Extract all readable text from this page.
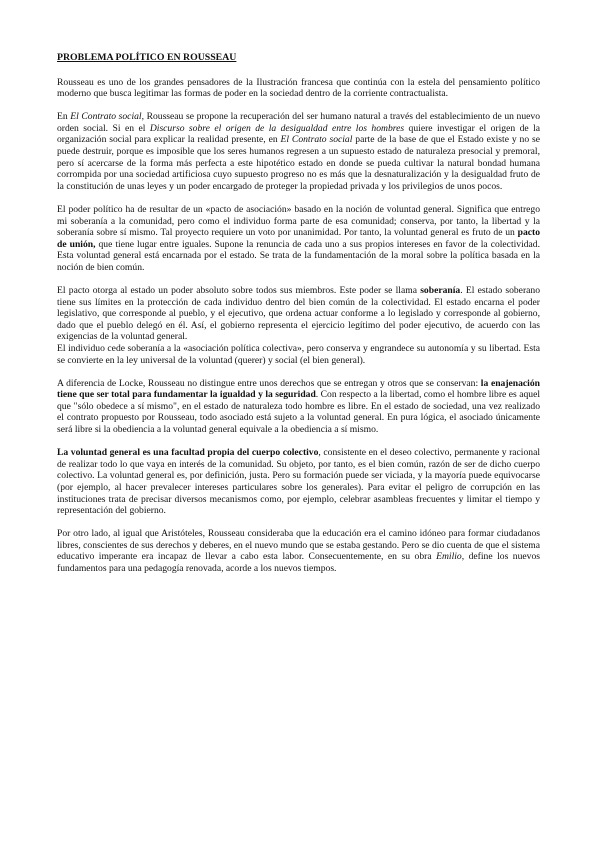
PROBLEMA POLÍTICO EN ROUSSEAU

Rousseau es uno de los grandes pensadores de la Ilustración francesa que continúa con la estela del pensamiento político moderno que busca legitimar las formas de poder en la sociedad dentro de la corriente contractualista.

En El Contrato social, Rousseau se propone la recuperación del ser humano natural a través del establecimiento de un nuevo orden social. Si en el Discurso sobre el origen de la desigualdad entre los hombres quiere investigar el origen de la organización social para explicar la realidad presente, en El Contrato social parte de la base de que el Estado existe y no se puede destruir, porque es imposible que los seres humanos regresen a un supuesto estado de naturaleza presocial y premoral, pero sí acercarse de la forma más perfecta a este hipotético estado en donde se pueda cultivar la natural bondad humana corrompida por una sociedad artificiosa cuyo supuesto progreso no es más que la desnaturalización y la desigualdad fruto de la constitución de unas leyes y un poder encargado de proteger la propiedad privada y los privilegios de unos pocos.

El poder político ha de resultar de un «pacto de asociación» basado en la noción de voluntad general. Significa que entrego mi soberanía a la comunidad, pero como el individuo forma parte de esa comunidad; conserva, por tanto, la libertad y la soberanía sobre sí mismo. Tal proyecto requiere un voto por unanimidad. Por tanto, la voluntad general es fruto de un pacto de unión, que tiene lugar entre iguales. Supone la renuncia de cada uno a sus propios intereses en favor de la colectividad. Esta voluntad general está encarnada por el estado. Se trata de la fundamentación de la moral sobre la política basada en la noción de bien común.

El pacto otorga al estado un poder absoluto sobre todos sus miembros. Este poder se llama soberanía. El estado soberano tiene sus límites en la protección de cada individuo dentro del bien común de la colectividad. El estado encarna el poder legislativo, que corresponde al pueblo, y el ejecutivo, que ordena actuar conforme a lo legislado y corresponde al gobierno, dado que el pueblo delegó en él. Así, el gobierno representa el ejercicio legítimo del poder ejecutivo, de acuerdo con las exigencias de la voluntad general.
El individuo cede soberanía a la «asociación política colectiva», pero conserva y engrandece su autonomía y su libertad. Esta se convierte en la ley universal de la voluntad (querer) y social (el bien general).

A diferencia de Locke, Rousseau no distingue entre unos derechos que se entregan y otros que se conservan: la enajenación tiene que ser total para fundamentar la igualdad y la seguridad. Con respecto a la libertad, como el hombre libre es aquel que "sólo obedece a sí mismo", en el estado de naturaleza todo hombre es libre. En el estado de sociedad, una vez realizado el contrato propuesto por Rousseau, todo asociado está sujeto a la voluntad general. En pura lógica, el asociado únicamente será libre si la obediencia a la voluntad general equivale a la obediencia a sí mismo.

La voluntad general es una facultad propia del cuerpo colectivo, consistente en el deseo colectivo, permanente y racional de realizar todo lo que vaya en interés de la comunidad. Su objeto, por tanto, es el bien común, razón de ser de dicho cuerpo colectivo. La voluntad general es, por definición, justa. Pero su formación puede ser viciada, y la mayoría puede equivocarse (por ejemplo, al hacer prevalecer intereses particulares sobre los generales). Para evitar el peligro de corrupción en las instituciones trata de precisar diversos mecanismos como, por ejemplo, celebrar asambleas frecuentes y limitar el tiempo y representación del gobierno.

Por otro lado, al igual que Aristóteles, Rousseau consideraba que la educación era el camino idóneo para formar ciudadanos libres, conscientes de sus derechos y deberes, en el nuevo mundo que se estaba gestando. Pero se dio cuenta de que el sistema educativo imperante era incapaz de llevar a cabo esta labor. Consecuentemente, en su obra Emilio, define los nuevos fundamentos para una pedagogía renovada, acorde a los nuevos tiempos.
